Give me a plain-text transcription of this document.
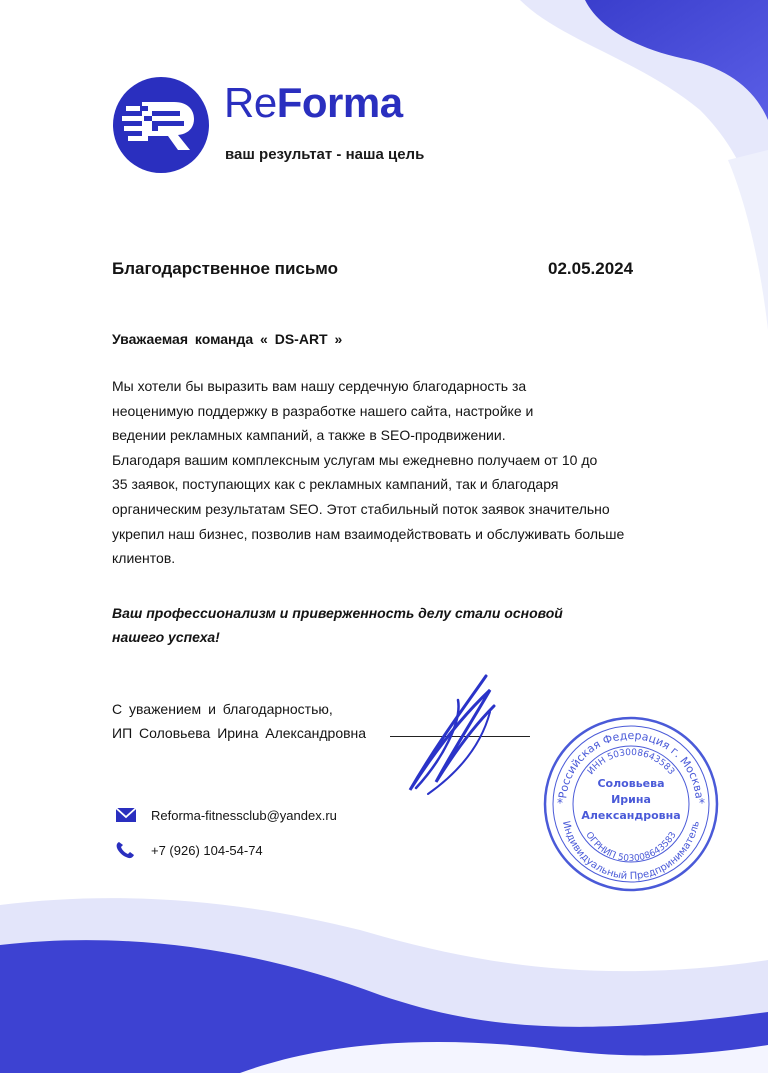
ReForma
ваш результат - наша цель
Благодарственное письмо	02.05.2024
Уважаемая команда « DS-ART »
Мы хотели бы выразить вам нашу сердечную благодарность за
неоценимую поддержку в разработке нашего сайта, настройке и
ведении рекламных кампаний, а также в SEO-продвижении.
Благодаря вашим комплексным услугам мы ежедневно получаем от 10 до
35 заявок, поступающих как с рекламных кампаний, так и благодаря
органическим результатам SEO. Этот стабильный поток заявок значительно
укрепил наш бизнес, позволив нам взаимодействовать и обслуживать больше
клиентов.
Ваш профессионализм и приверженность делу стали основой
нашего успеха!
С уважением и благодарностью,
ИП Соловьева Ирина Александровна
Российская Федерация г. Москва
ИНН 503008643583
Индивидуальный Предприниматель
ОГРНИП 503008643583
Соловьева
Ирина
Александровна
*	*
Reforma-fitnessclub@yandex.ru
+7 (926) 104-54-74
